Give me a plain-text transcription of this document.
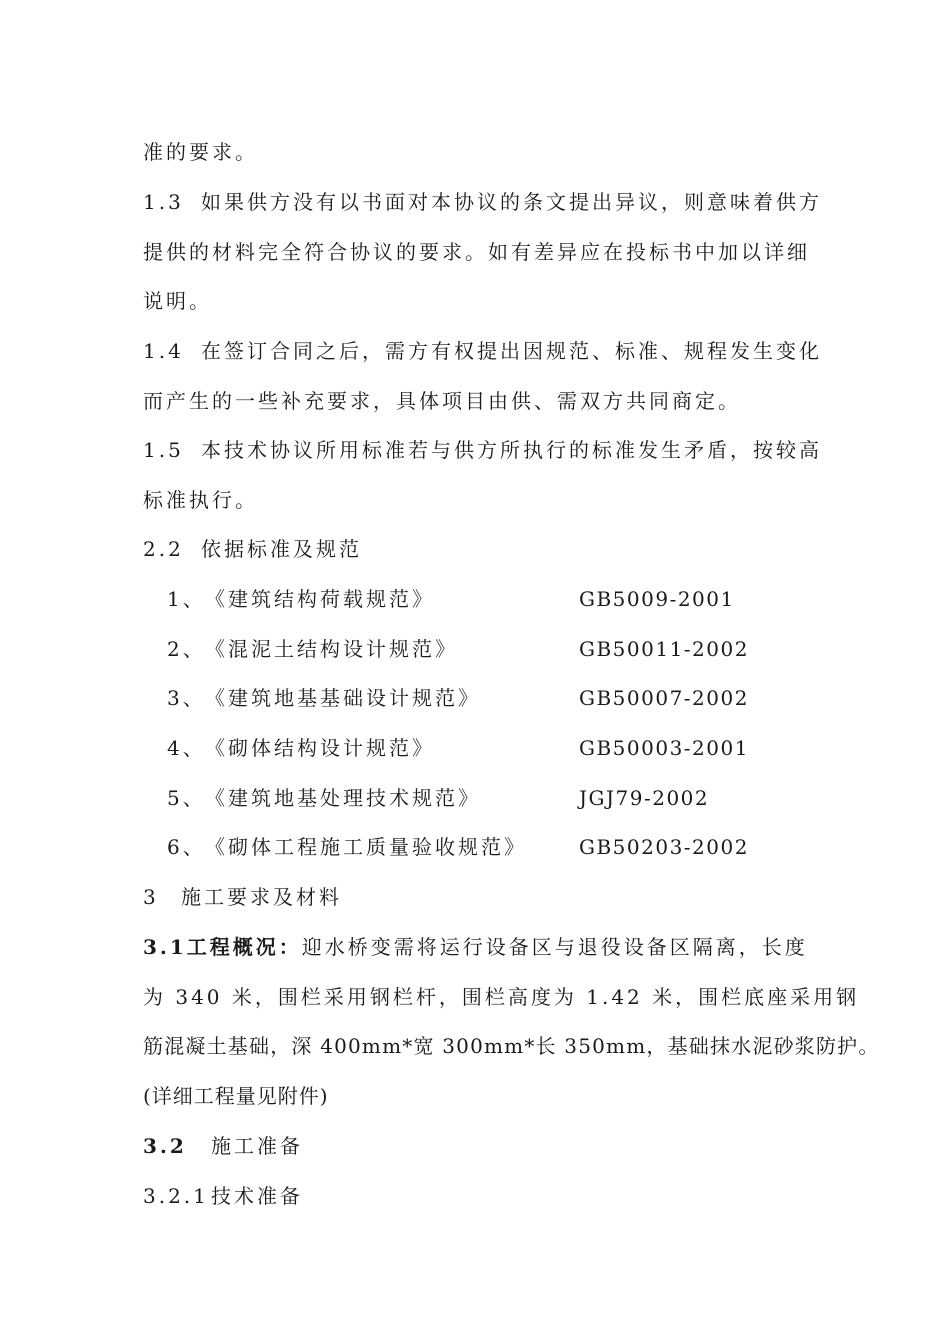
准的要求。
1.3 如果供方没有以书面对本协议的条文提出异议，则意味着供方
提供的材料完全符合协议的要求。如有差异应在投标书中加以详细
说明。
1.4 在签订合同之后，需方有权提出因规范、标准、规程发生变化
而产生的一些补充要求，具体项目由供、需双方共同商定。
1.5 本技术协议所用标准若与供方所执行的标准发生矛盾，按较高
标准执行。
2.2 依据标准及规范
1、 《建筑结构荷载规范》	GB5009-2001
2、 《混泥土结构设计规范》	GB50011-2002
3、 《建筑地基基础设计规范》	GB50007-2002
4、 《砌体结构设计规范》	GB50003-2001
5、 《建筑地基处理技术规范》	JGJ79-2002
6、 《砌体工程施工质量验收规范》	GB50203-2002
3 施工要求及材料
3.1工程概况：迎水桥变需将运行设备区与退役设备区隔离，长度
为 340 米，围栏采用钢栏杆，围栏高度为 1.42 米，围栏底座采用钢
筋混凝土基础，深 400mm*宽 300mm*长 350mm，基础抹水泥砂浆防护。
(详细工程量见附件)
3.2 施工准备
3.2.1 技术准备
